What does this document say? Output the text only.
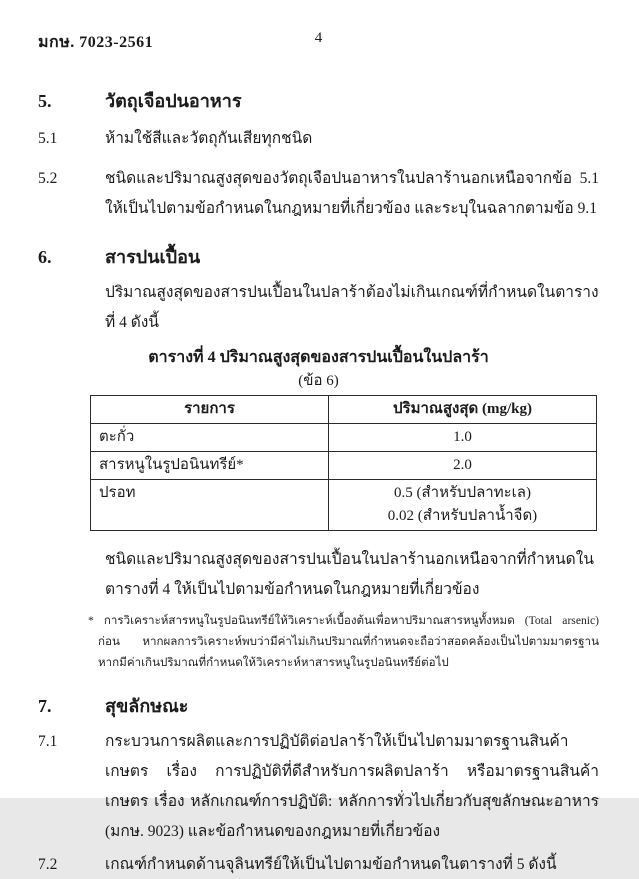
มกษ. 7023-2561	4
5.	วัตถุเจือปนอาหาร
5.1	ห้ามใช้สีและวัตถุกันเสียทุกชนิด
5.2	ชนิดและปริมาณสูงสุดของวัตถุเจือปนอาหารในปลาร้านอกเหนือจากข้อ 5.1 ให้เป็นไปตามข้อกำหนดในกฎหมายที่เกี่ยวข้อง และระบุในฉลากตามข้อ 9.1
6.	สารปนเปื้อน
ปริมาณสูงสุดของสารปนเปื้อนในปลาร้าต้องไม่เกินเกณฑ์ที่กำหนดในตารางที่ 4 ดังนี้
ตารางที่ 4 ปริมาณสูงสุดของสารปนเปื้อนในปลาร้า
(ข้อ 6)
รายการ	ปริมาณสูงสุด (mg/kg)
ตะกั่ว	1.0
สารหนูในรูปอนินทรีย์*	2.0
ปรอท	0.5 (สำหรับปลาทะเล)
0.02 (สำหรับปลาน้ำจืด)
ชนิดและปริมาณสูงสุดของสารปนเปื้อนในปลาร้านอกเหนือจากที่กำหนดในตารางที่ 4 ให้เป็นไปตามข้อกำหนดในกฎหมายที่เกี่ยวข้อง
* การวิเคราะห์สารหนูในรูปอนินทรีย์ให้วิเคราะห์เบื้องต้นเพื่อหาปริมาณสารหนูทั้งหมด (Total arsenic) ก่อน หากผลการวิเคราะห์พบว่ามีค่าไม่เกินปริมาณที่กำหนดจะถือว่าสอดคล้องเป็นไปตามมาตรฐาน หากมีค่าเกินปริมาณที่กำหนดให้วิเคราะห์หาสารหนูในรูปอนินทรีย์ต่อไป
7.	สุขลักษณะ
7.1	กระบวนการผลิตและการปฏิบัติต่อปลาร้าให้เป็นไปตามมาตรฐานสินค้าเกษตร เรื่อง การปฏิบัติที่ดีสำหรับการผลิตปลาร้า หรือมาตรฐานสินค้าเกษตร เรื่อง หลักเกณฑ์การปฏิบัติ: หลักการทั่วไปเกี่ยวกับสุขลักษณะอาหาร (มกษ. 9023) และข้อกำหนดของกฎหมายที่เกี่ยวข้อง
7.2	เกณฑ์กำหนดด้านจุลินทรีย์ให้เป็นไปตามข้อกำหนดในตารางที่ 5 ดังนี้
